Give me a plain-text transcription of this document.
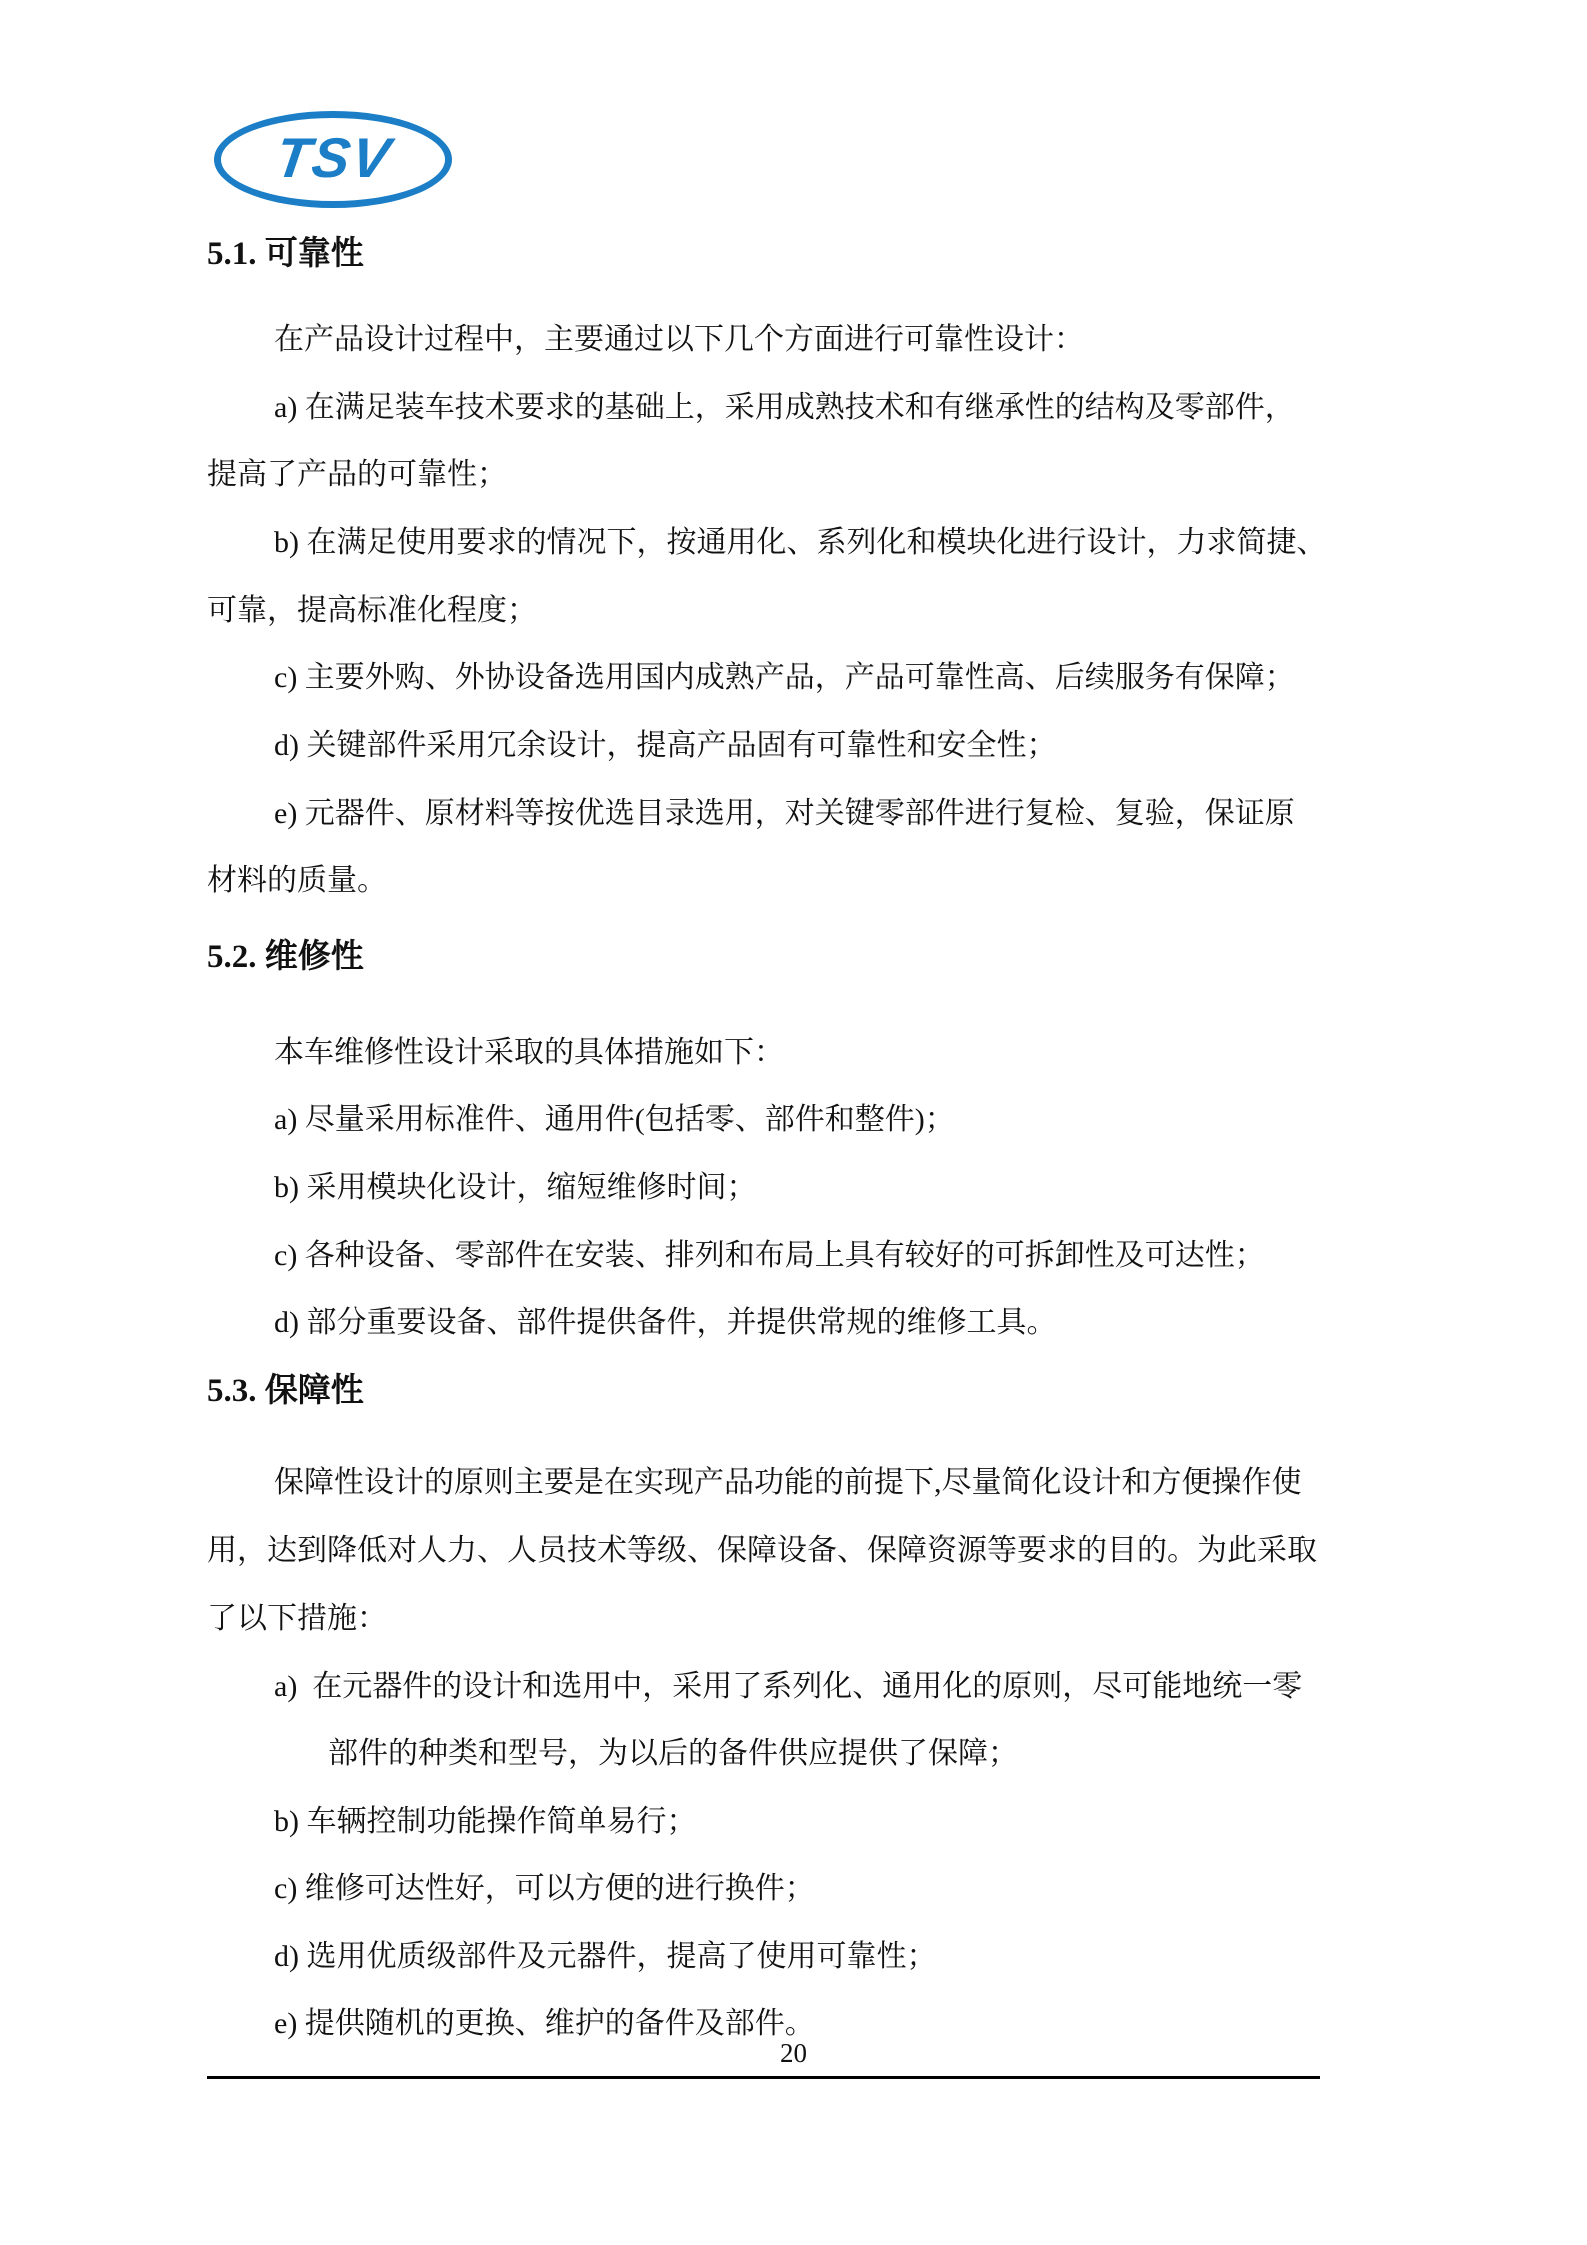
TSV
5.1. 可靠性
在产品设计过程中，主要通过以下几个方面进行可靠性设计：
a) 在满足装车技术要求的基础上，采用成熟技术和有继承性的结构及零部件，
提高了产品的可靠性；
b) 在满足使用要求的情况下，按通用化、系列化和模块化进行设计，力求简捷、
可靠，提高标准化程度；
c) 主要外购、外协设备选用国内成熟产品，产品可靠性高、后续服务有保障；
d) 关键部件采用冗余设计，提高产品固有可靠性和安全性；
e) 元器件、原材料等按优选目录选用，对关键零部件进行复检、复验，保证原
材料的质量。
5.2. 维修性
本车维修性设计采取的具体措施如下：
a) 尽量采用标准件、通用件(包括零、部件和整件)；
b) 采用模块化设计，缩短维修时间；
c) 各种设备、零部件在安装、排列和布局上具有较好的可拆卸性及可达性；
d) 部分重要设备、部件提供备件，并提供常规的维修工具。
5.3. 保障性
保障性设计的原则主要是在实现产品功能的前提下,尽量简化设计和方便操作使
用，达到降低对人力、人员技术等级、保障设备、保障资源等要求的目的。为此采取
了以下措施：
a)  在元器件的设计和选用中，采用了系列化、通用化的原则，尽可能地统一零
部件的种类和型号，为以后的备件供应提供了保障；
b) 车辆控制功能操作简单易行；
c) 维修可达性好，可以方便的进行换件；
d) 选用优质级部件及元器件，提高了使用可靠性；
e) 提供随机的更换、维护的备件及部件。
20
